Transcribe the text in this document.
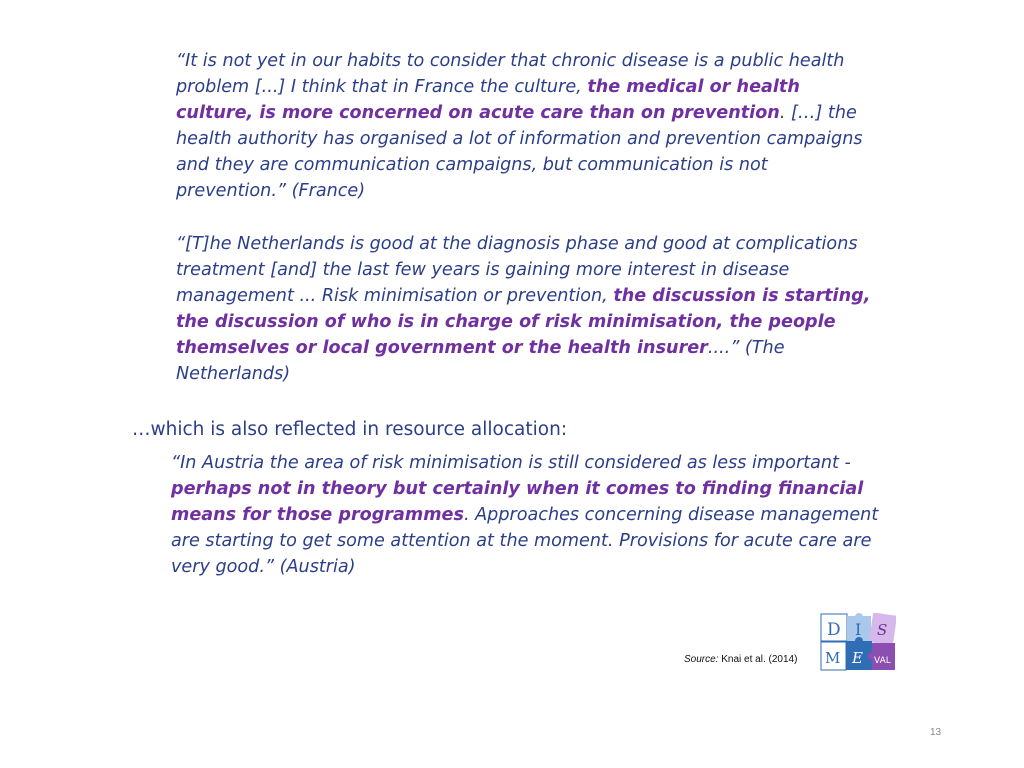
“It is not yet in our habits to consider that chronic disease is a public health problem [...] I think that in France the culture, the medical or health culture, is more concerned on acute care than on prevention. […] the health authority has organised a lot of information and prevention campaigns and they are communication campaigns, but communication is not prevention.” (France)
“[T]he Netherlands is good at the diagnosis phase and good at complications treatment [and] the last few years is gaining more interest in disease management ... Risk minimisation or prevention, the discussion is starting, the discussion of who is in charge of risk minimisation, the people themselves or local government or the health insurer....” (The Netherlands)
…which is also reflected in resource allocation:
“In Austria the area of risk minimisation is still considered as less important - perhaps not in theory but certainly when it comes to finding financial means for those programmes. Approaches concerning disease management are starting to get some attention at the moment. Provisions for acute care are very good.” (Austria)
Source: Knai et al. (2014)
D I S
M E VAL
13
